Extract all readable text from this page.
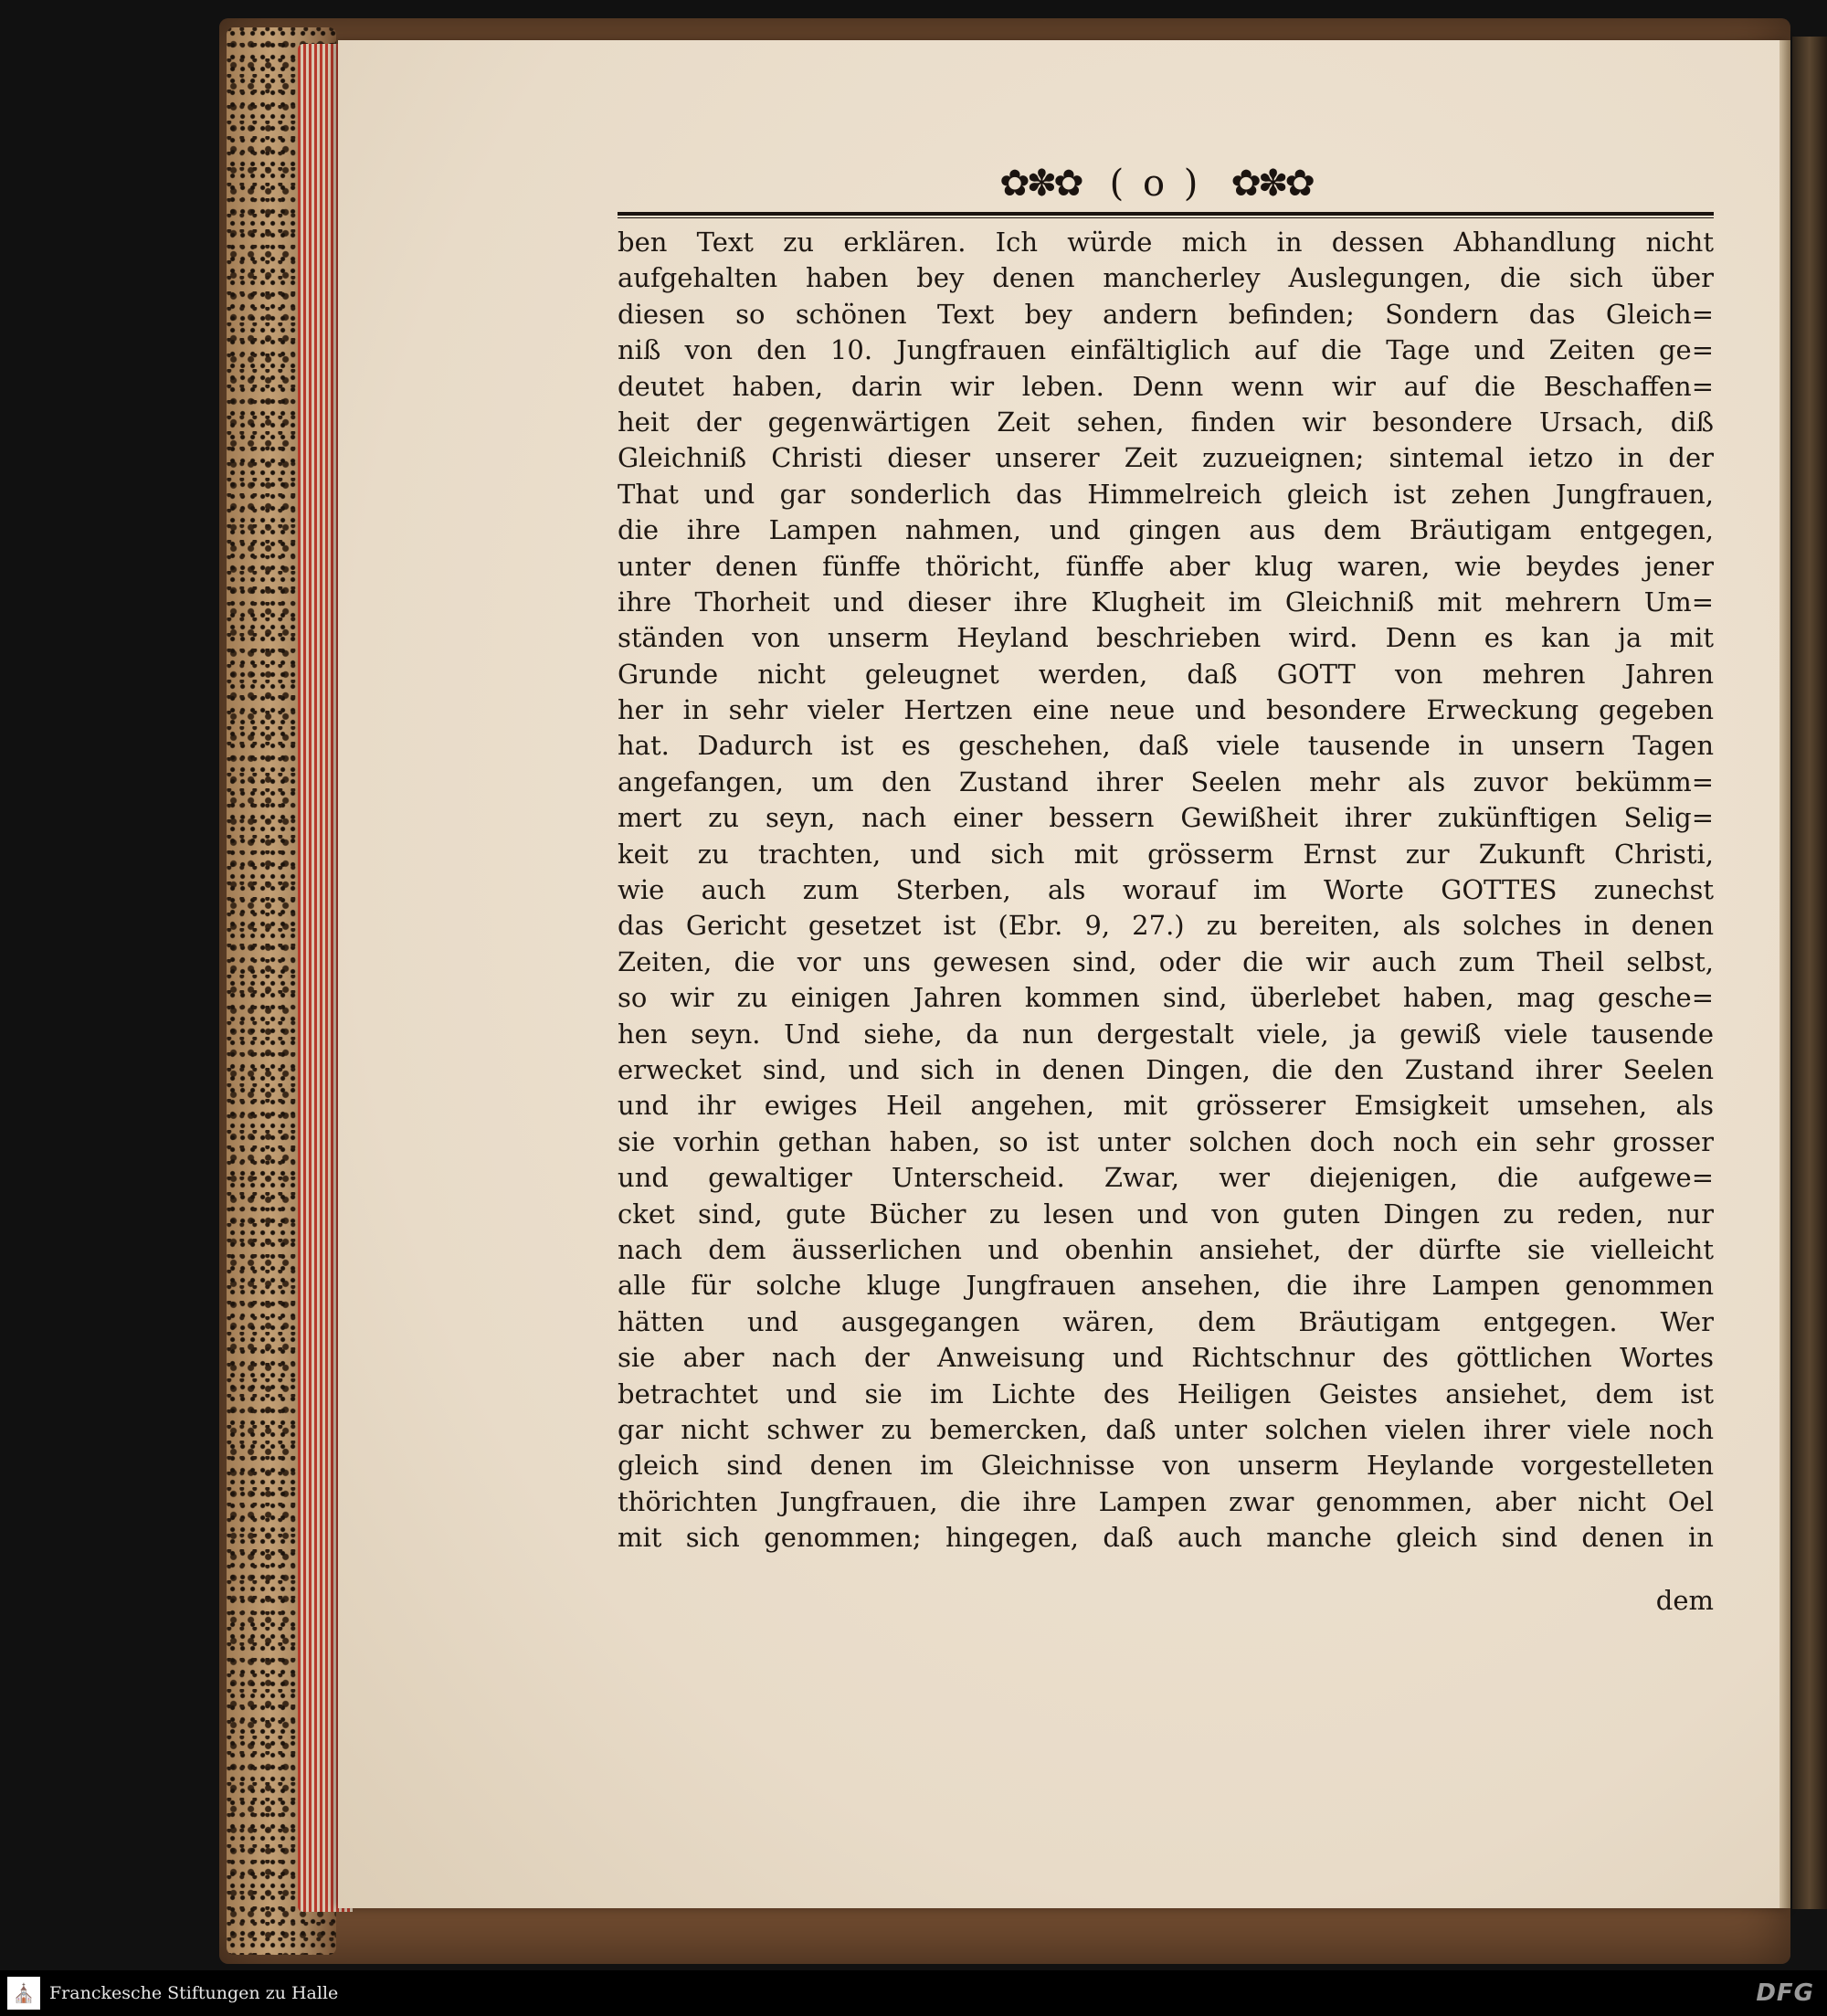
✿✽✿ ( o ) ✿✽✿
ben Text zu erklären. Ich würde mich in dessen Abhandlung nicht
aufgehalten haben bey denen mancherley Auslegungen, die sich über
diesen so schönen Text bey andern befinden; Sondern das Gleich=
niß von den 10. Jungfrauen einfältiglich auf die Tage und Zeiten ge=
deutet haben, darin wir leben. Denn wenn wir auf die Beschaffen=
heit der gegenwärtigen Zeit sehen, finden wir besondere Ursach, diß
Gleichniß Christi dieser unserer Zeit zuzueignen; sintemal ietzo in der
That und gar sonderlich das Himmelreich gleich ist zehen Jungfrauen,
die ihre Lampen nahmen, und gingen aus dem Bräutigam entgegen,
unter denen fünffe thöricht, fünffe aber klug waren, wie beydes jener
ihre Thorheit und dieser ihre Klugheit im Gleichniß mit mehrern Um=
ständen von unserm Heyland beschrieben wird. Denn es kan ja mit
Grunde nicht geleugnet werden, daß GOTT von mehren Jahren
her in sehr vieler Hertzen eine neue und besondere Erweckung gegeben
hat. Dadurch ist es geschehen, daß viele tausende in unsern Tagen
angefangen, um den Zustand ihrer Seelen mehr als zuvor bekümm=
mert zu seyn, nach einer bessern Gewißheit ihrer zukünftigen Selig=
keit zu trachten, und sich mit grösserm Ernst zur Zukunft Christi,
wie auch zum Sterben, als worauf im Worte GOTTES zunechst
das Gericht gesetzet ist (Ebr. 9, 27.) zu bereiten, als solches in denen
Zeiten, die vor uns gewesen sind, oder die wir auch zum Theil selbst,
so wir zu einigen Jahren kommen sind, überlebet haben, mag gesche=
hen seyn. Und siehe, da nun dergestalt viele, ja gewiß viele tausende
erwecket sind, und sich in denen Dingen, die den Zustand ihrer Seelen
und ihr ewiges Heil angehen, mit grösserer Emsigkeit umsehen, als
sie vorhin gethan haben, so ist unter solchen doch noch ein sehr grosser
und gewaltiger Unterscheid. Zwar, wer diejenigen, die aufgewe=
cket sind, gute Bücher zu lesen und von guten Dingen zu reden, nur
nach dem äusserlichen und obenhin ansiehet, der dürfte sie vielleicht
alle für solche kluge Jungfrauen ansehen, die ihre Lampen genommen
hätten und ausgegangen wären, dem Bräutigam entgegen. Wer
sie aber nach der Anweisung und Richtschnur des göttlichen Wortes
betrachtet und sie im Lichte des Heiligen Geistes ansiehet, dem ist
gar nicht schwer zu bemercken, daß unter solchen vielen ihrer viele noch
gleich sind denen im Gleichnisse von unserm Heylande vorgestelleten
thörichten Jungfrauen, die ihre Lampen zwar genommen, aber nicht Oel
mit sich genommen; hingegen, daß auch manche gleich sind denen in
dem
⛪ Franckesche Stiftungen zu Halle	DFG
